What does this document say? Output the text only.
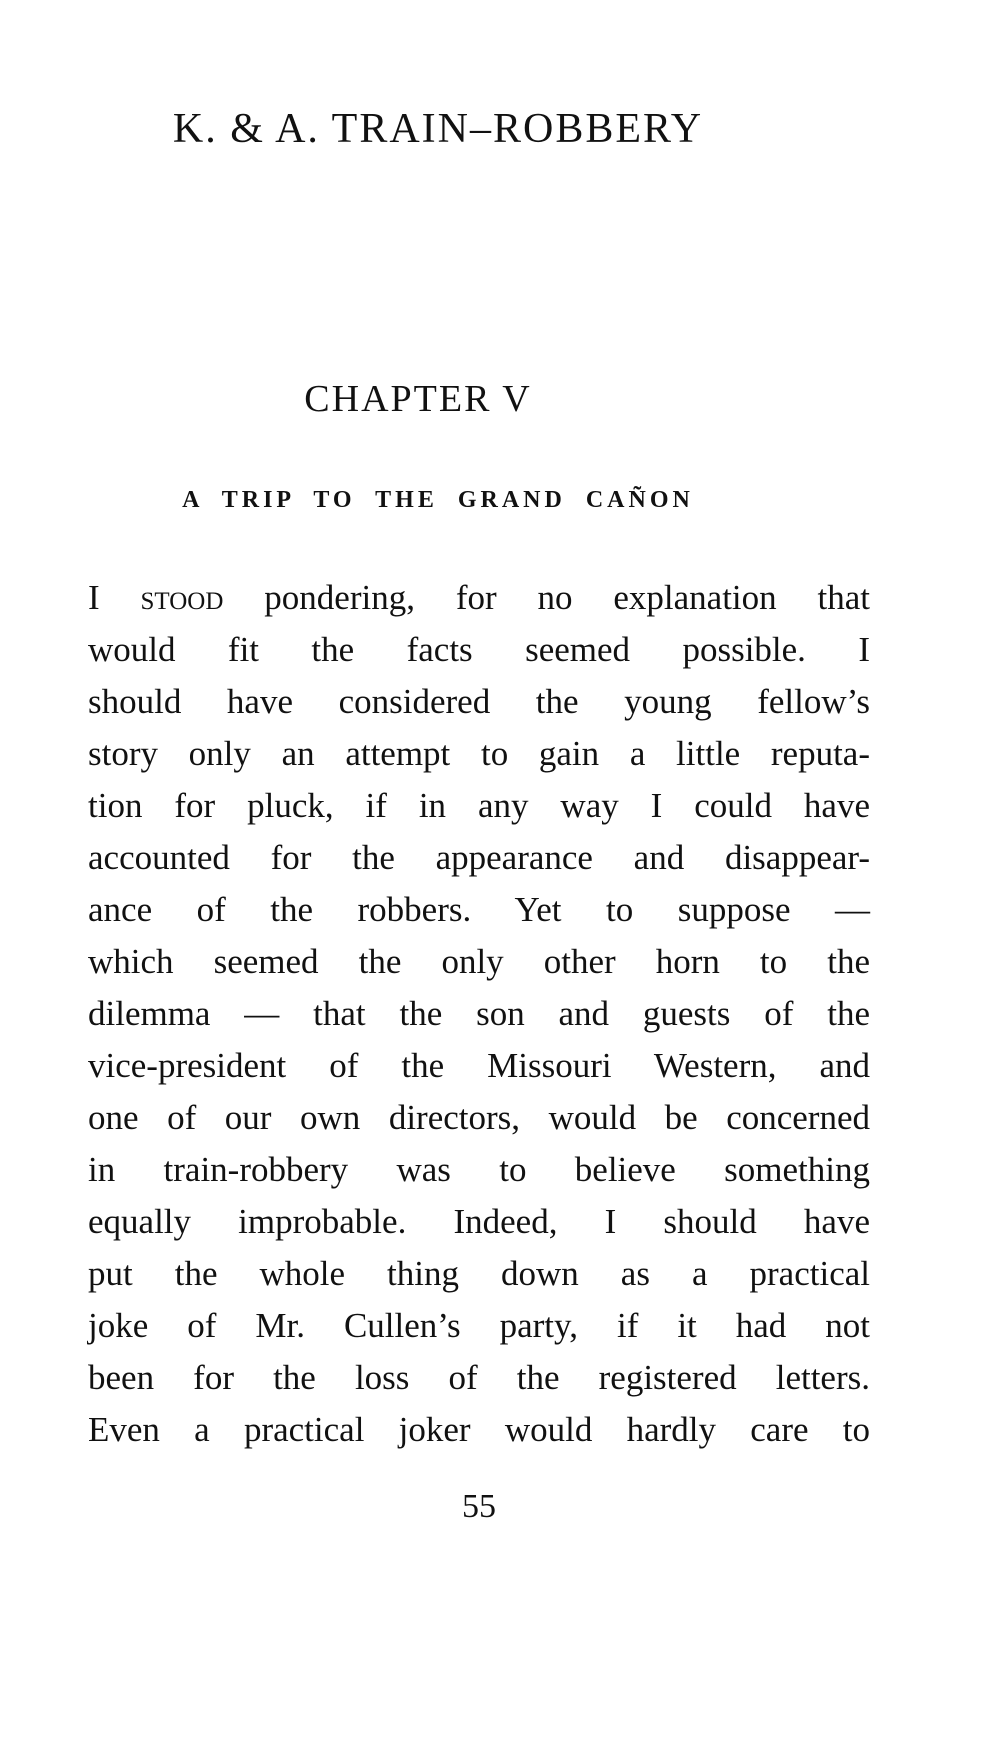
K. & A. TRAIN–ROBBERY
CHAPTER V
A TRIP TO THE GRAND CAÑON
I stood pondering, for no explanation that
would fit the facts seemed possible. I
should have considered the young fellow’s
story only an attempt to gain a little reputa-
tion for pluck, if in any way I could have
accounted for the appearance and disappear-
ance of the robbers. Yet to suppose —
which seemed the only other horn to the
dilemma — that the son and guests of the
vice-president of the Missouri Western, and
one of our own directors, would be concerned
in train-robbery was to believe something
equally improbable. Indeed, I should have
put the whole thing down as a practical
joke of Mr. Cullen’s party, if it had not
been for the loss of the registered letters.
Even a practical joker would hardly care to
55
